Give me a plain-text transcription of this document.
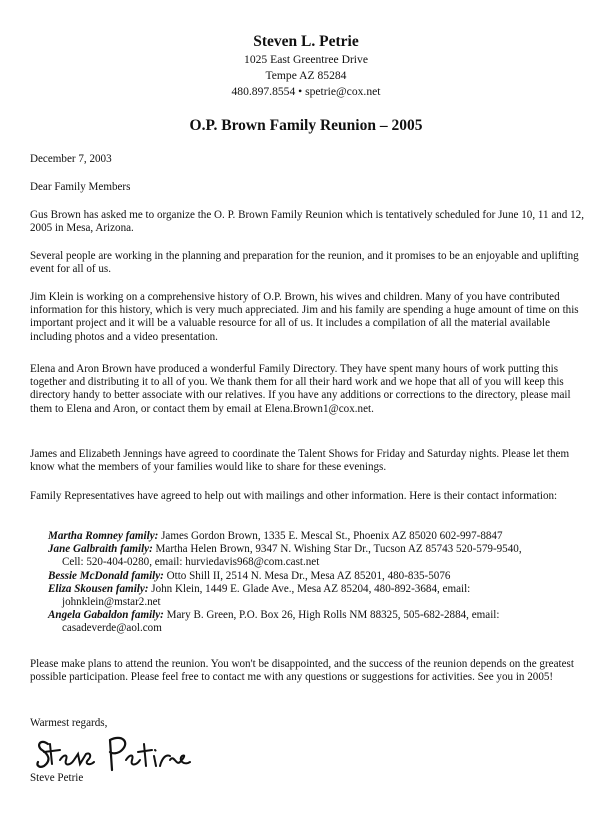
Steven L. Petrie
1025 East Greentree Drive
Tempe AZ 85284
480.897.8554 • spetrie@cox.net
O.P. Brown Family Reunion – 2005
December 7, 2003
Dear Family Members

Gus Brown has asked me to organize the O. P. Brown Family Reunion which is tentatively scheduled for June 10, 11 and 12, 2005 in Mesa, Arizona.

Several people are working in the planning and preparation for the reunion, and it promises to be an enjoyable and uplifting event for all of us.

Jim Klein is working on a comprehensive history of O.P. Brown, his wives and children. Many of you have contributed information for this history, which is very much appreciated. Jim and his family are spending a huge amount of time on this important project and it will be a valuable resource for all of us. It includes a compilation of all the material available including photos and a video presentation.

Elena and Aron Brown have produced a wonderful Family Directory. They have spent many hours of work putting this together and distributing it to all of you. We thank them for all their hard work and we hope that all of you will keep this directory handy to better associate with our relatives. If you have any additions or corrections to the directory, please mail them to Elena and Aron, or contact them by email at Elena.Brown1@cox.net.

James and Elizabeth Jennings have agreed to coordinate the Talent Shows for Friday and Saturday nights. Please let them know what the members of your families would like to share for these evenings.

Family Representatives have agreed to help out with mailings and other information. Here is their contact information:

Martha Romney family: James Gordon Brown, 1335 E. Mescal St., Phoenix AZ 85020 602-997-8847

Jane Galbraith family: Martha Helen Brown, 9347 N. Wishing Star Dr., Tucson AZ 85743 520-579-9540,

Cell: 520-404-0280, email: hurviedavis968@com.cast.net

Bessie McDonald family: Otto Shill II, 2514 N. Mesa Dr., Mesa AZ 85201, 480-835-5076

Eliza Skousen family: John Klein, 1449 E. Glade Ave., Mesa AZ 85204, 480-892-3684, email:

johnklein@mstar2.net

Angela Gabaldon family: Mary B. Green, P.O. Box 26, High Rolls NM 88325, 505-682-2884, email:

casadeverde@aol.com

Please make plans to attend the reunion. You won't be disappointed, and the success of the reunion depends on the greatest possible participation. Please feel free to contact me with any questions or suggestions for activities. See you in 2005!

Warmest regards,
Steve Petrie
